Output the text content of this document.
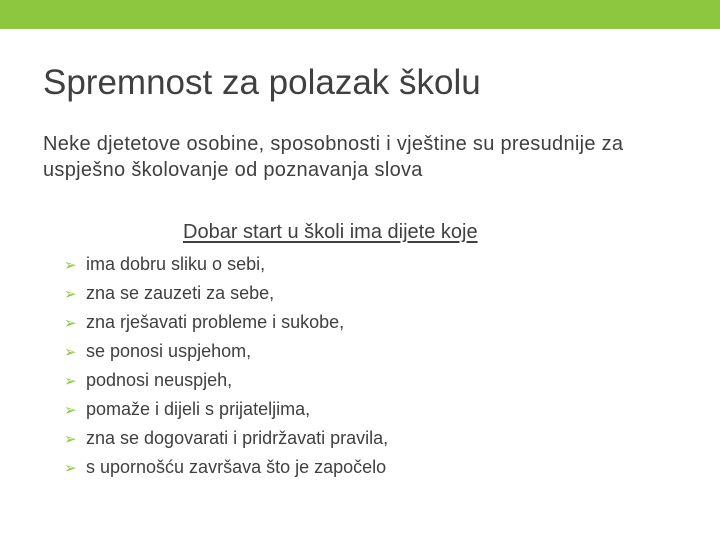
Spremnost za polazak školu
Neke djetetove osobine, sposobnosti i vještine su presudnije za uspješno školovanje od poznavanja slova
Dobar start u školi ima dijete koje
➢ ima dobru sliku o sebi,
➢ zna se zauzeti za sebe,
➢ zna rješavati probleme i sukobe,
➢ se ponosi uspjehom,
➢ podnosi neuspjeh,
➢ pomaže i dijeli s prijateljima,
➢ zna se dogovarati i pridržavati pravila,
➢ s upornošću završava što je započelo
